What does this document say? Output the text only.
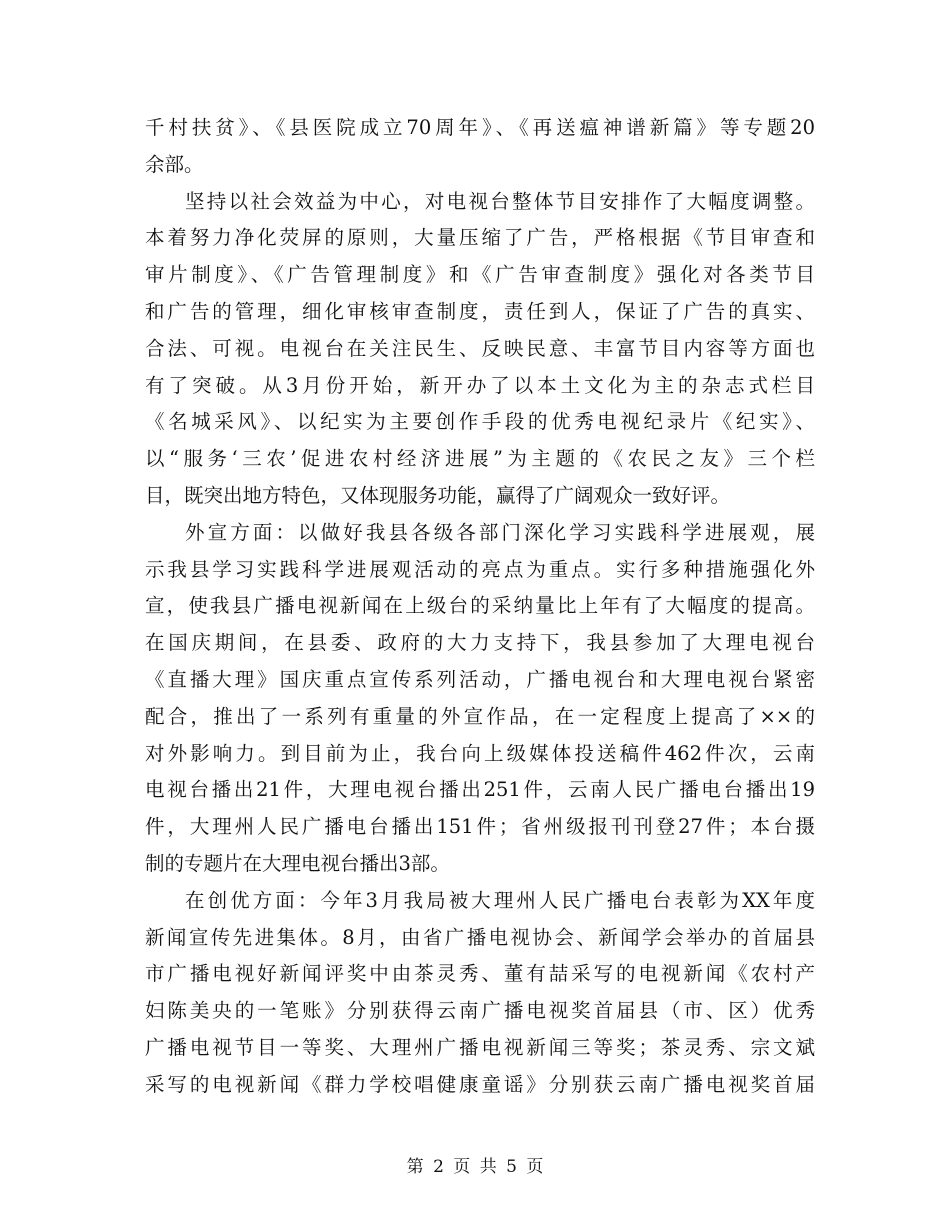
千村扶贫》、《县医院成立70周年》、《再送瘟神谱新篇》等专题20
余部。
坚持以社会效益为中心，对电视台整体节目安排作了大幅度调整。
本着努力净化荧屏的原则，大量压缩了广告，严格根据《节目审查和
审片制度》、《广告管理制度》和《广告审查制度》强化对各类节目
和广告的管理，细化审核审查制度，责任到人，保证了广告的真实、
合法、可视。电视台在关注民生、反映民意、丰富节目内容等方面也
有了突破。从3月份开始，新开办了以本土文化为主的杂志式栏目
《名城采风》、以纪实为主要创作手段的优秀电视纪录片《纪实》、
以“服务‘三农’促进农村经济进展”为主题的《农民之友》三个栏
目，既突出地方特色，又体现服务功能，赢得了广阔观众一致好评。
外宣方面：以做好我县各级各部门深化学习实践科学进展观，展
示我县学习实践科学进展观活动的亮点为重点。实行多种措施强化外
宣，使我县广播电视新闻在上级台的采纳量比上年有了大幅度的提高。
在国庆期间，在县委、政府的大力支持下，我县参加了大理电视台
《直播大理》国庆重点宣传系列活动，广播电视台和大理电视台紧密
配合，推出了一系列有重量的外宣作品，在一定程度上提高了××的
对外影响力。到目前为止，我台向上级媒体投送稿件462件次，云南
电视台播出21件，大理电视台播出251件，云南人民广播电台播出19
件，大理州人民广播电台播出151件；省州级报刊刊登27件；本台摄
制的专题片在大理电视台播出3部。
在创优方面：今年3月我局被大理州人民广播电台表彰为XX年度
新闻宣传先进集体。8月，由省广播电视协会、新闻学会举办的首届县
市广播电视好新闻评奖中由茶灵秀、董有喆采写的电视新闻《农村产
妇陈美央的一笔账》分别获得云南广播电视奖首届县（市、区）优秀
广播电视节目一等奖、大理州广播电视新闻三等奖；茶灵秀、宗文斌
采写的电视新闻《群力学校唱健康童谣》分别获云南广播电视奖首届
第 2 页 共 5 页
